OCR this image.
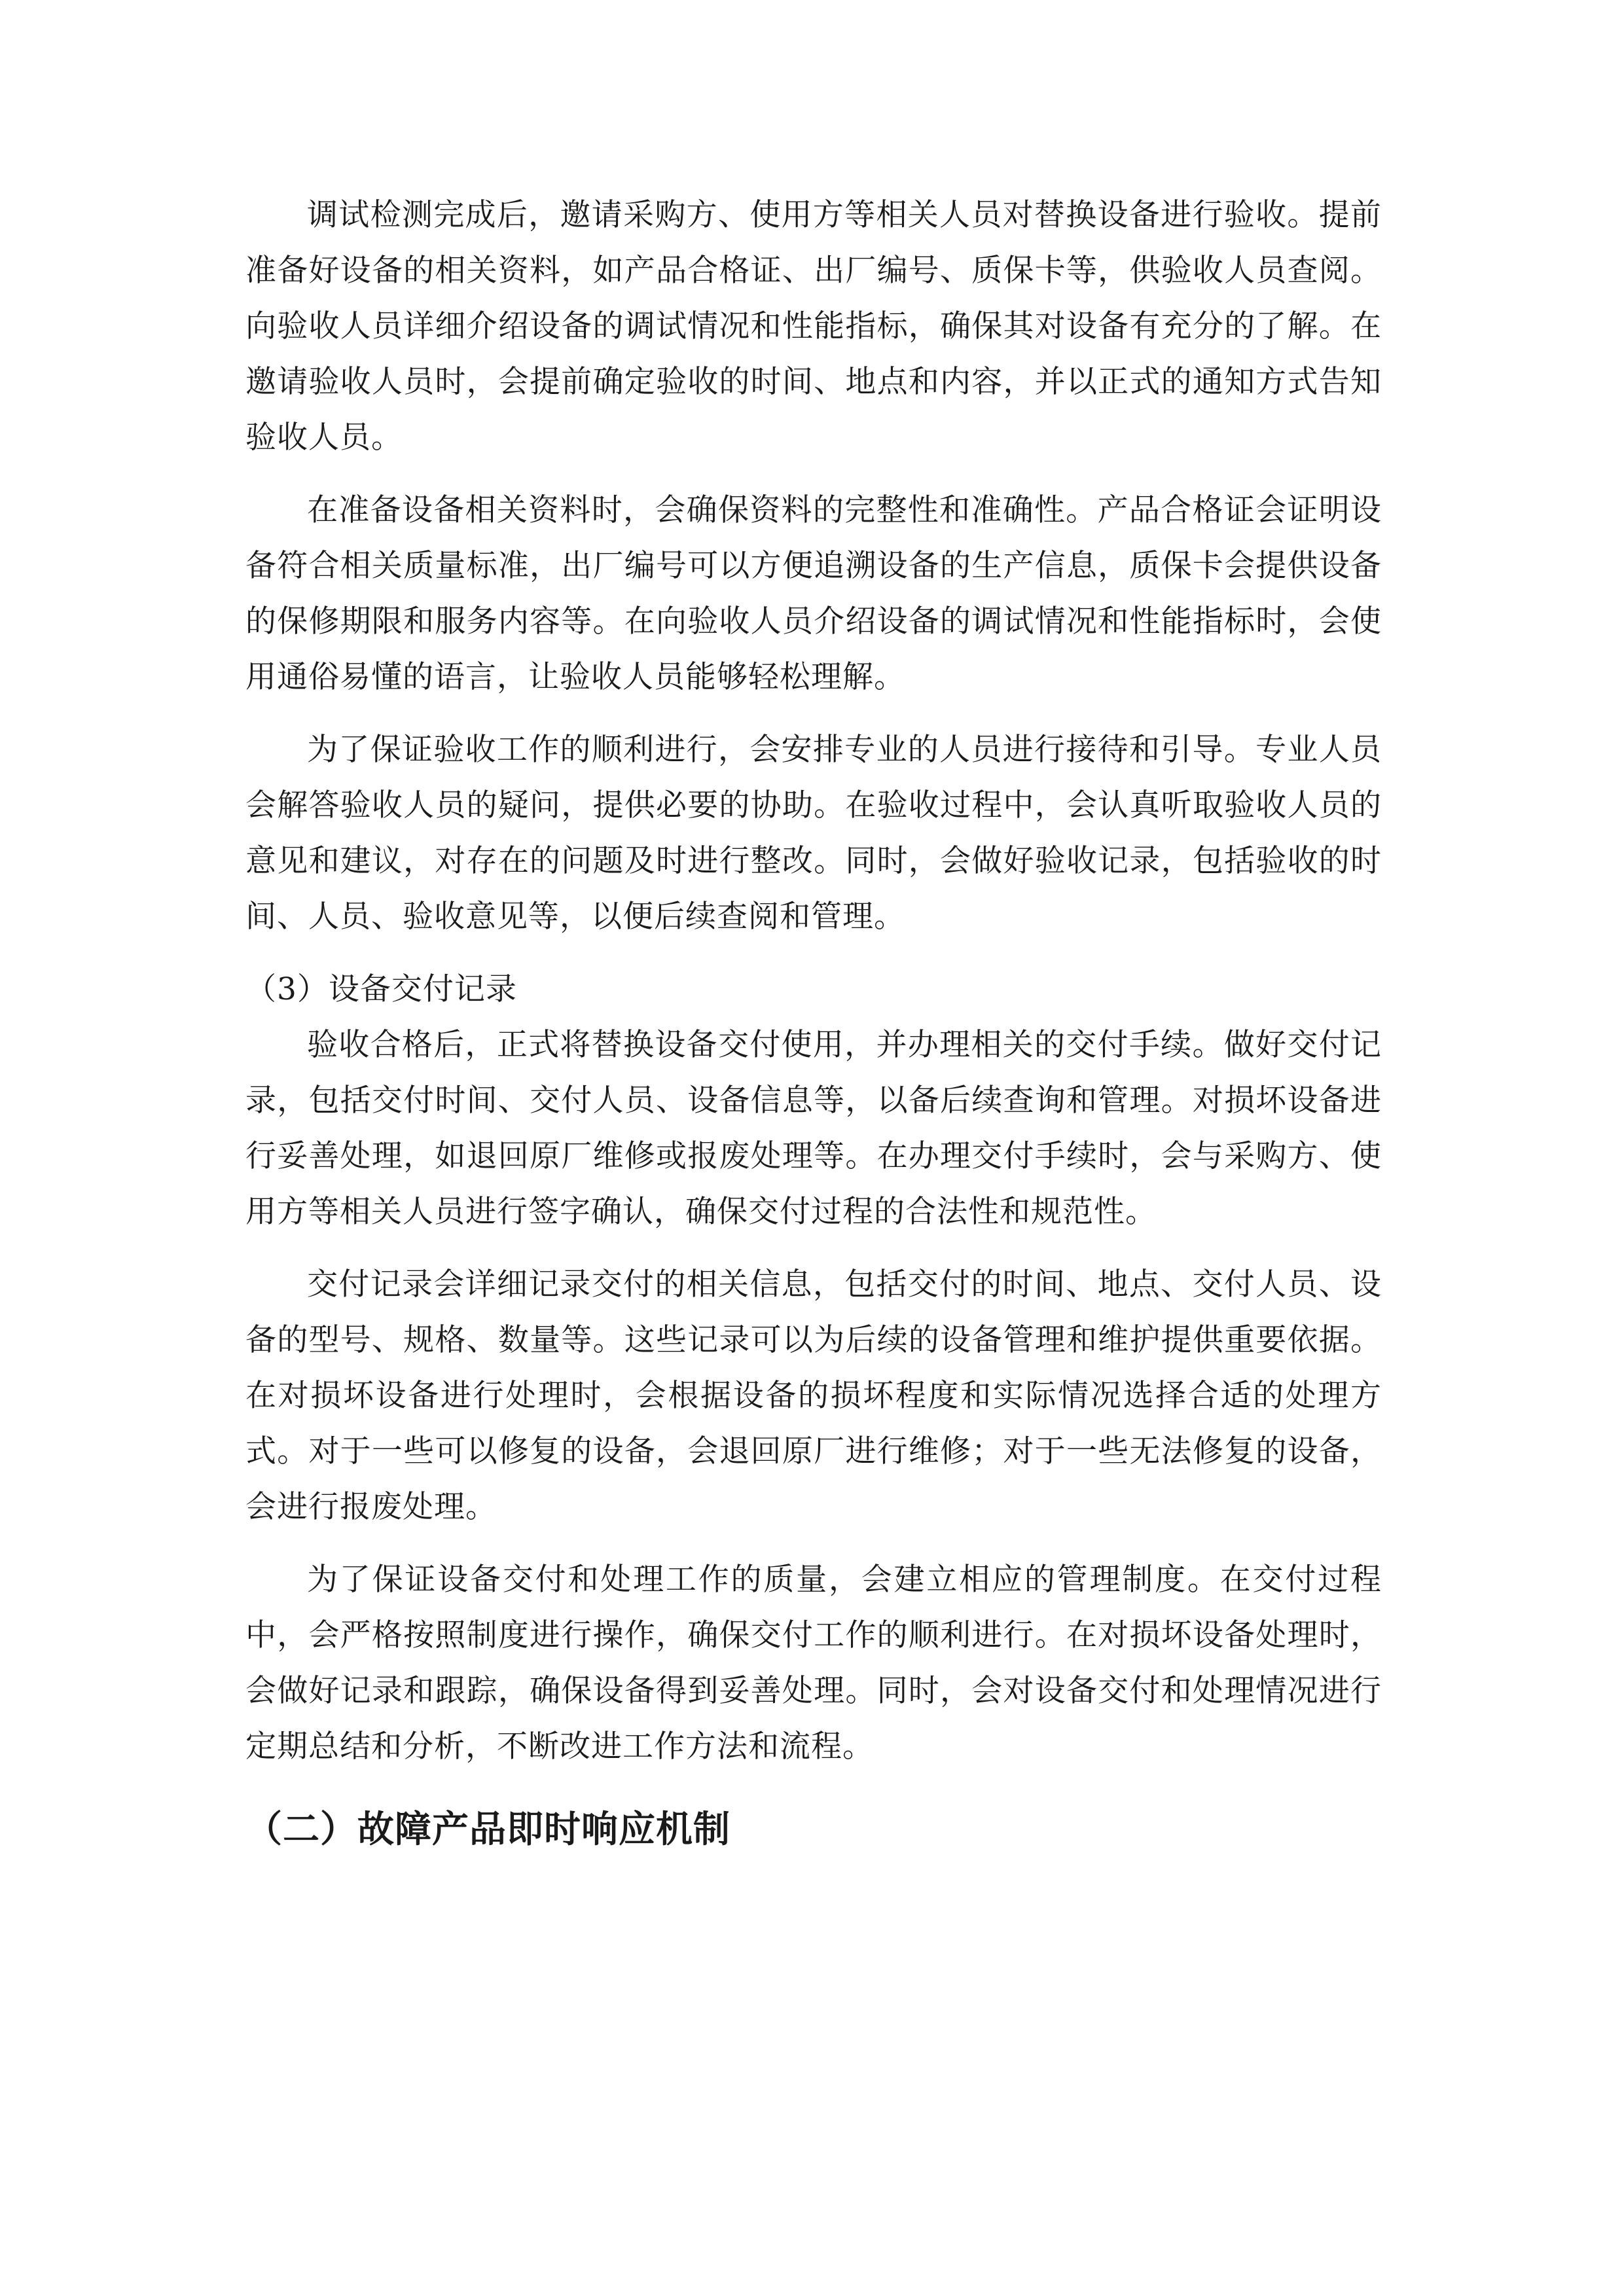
调试检测完成后，邀请采购方、使用方等相关人员对替换设备进行验收。提前准备好设备的相关资料，如产品合格证、出厂编号、质保卡等，供验收人员查阅。向验收人员详细介绍设备的调试情况和性能指标，确保其对设备有充分的了解。在邀请验收人员时，会提前确定验收的时间、地点和内容，并以正式的通知方式告知验收人员。

在准备设备相关资料时，会确保资料的完整性和准确性。产品合格证会证明设备符合相关质量标准，出厂编号可以方便追溯设备的生产信息，质保卡会提供设备的保修期限和服务内容等。在向验收人员介绍设备的调试情况和性能指标时，会使用通俗易懂的语言，让验收人员能够轻松理解。

为了保证验收工作的顺利进行，会安排专业的人员进行接待和引导。专业人员会解答验收人员的疑问，提供必要的协助。在验收过程中，会认真听取验收人员的意见和建议，对存在的问题及时进行整改。同时，会做好验收记录，包括验收的时间、人员、验收意见等，以便后续查阅和管理。

（3）设备交付记录

验收合格后，正式将替换设备交付使用，并办理相关的交付手续。做好交付记录，包括交付时间、交付人员、设备信息等，以备后续查询和管理。对损坏设备进行妥善处理，如退回原厂维修或报废处理等。在办理交付手续时，会与采购方、使用方等相关人员进行签字确认，确保交付过程的合法性和规范性。

交付记录会详细记录交付的相关信息，包括交付的时间、地点、交付人员、设备的型号、规格、数量等。这些记录可以为后续的设备管理和维护提供重要依据。在对损坏设备进行处理时，会根据设备的损坏程度和实际情况选择合适的处理方式。对于一些可以修复的设备，会退回原厂进行维修；对于一些无法修复的设备，会进行报废处理。

为了保证设备交付和处理工作的质量，会建立相应的管理制度。在交付过程中，会严格按照制度进行操作，确保交付工作的顺利进行。在对损坏设备处理时，会做好记录和跟踪，确保设备得到妥善处理。同时，会对设备交付和处理情况进行定期总结和分析，不断改进工作方法和流程。

（二）故障产品即时响应机制
